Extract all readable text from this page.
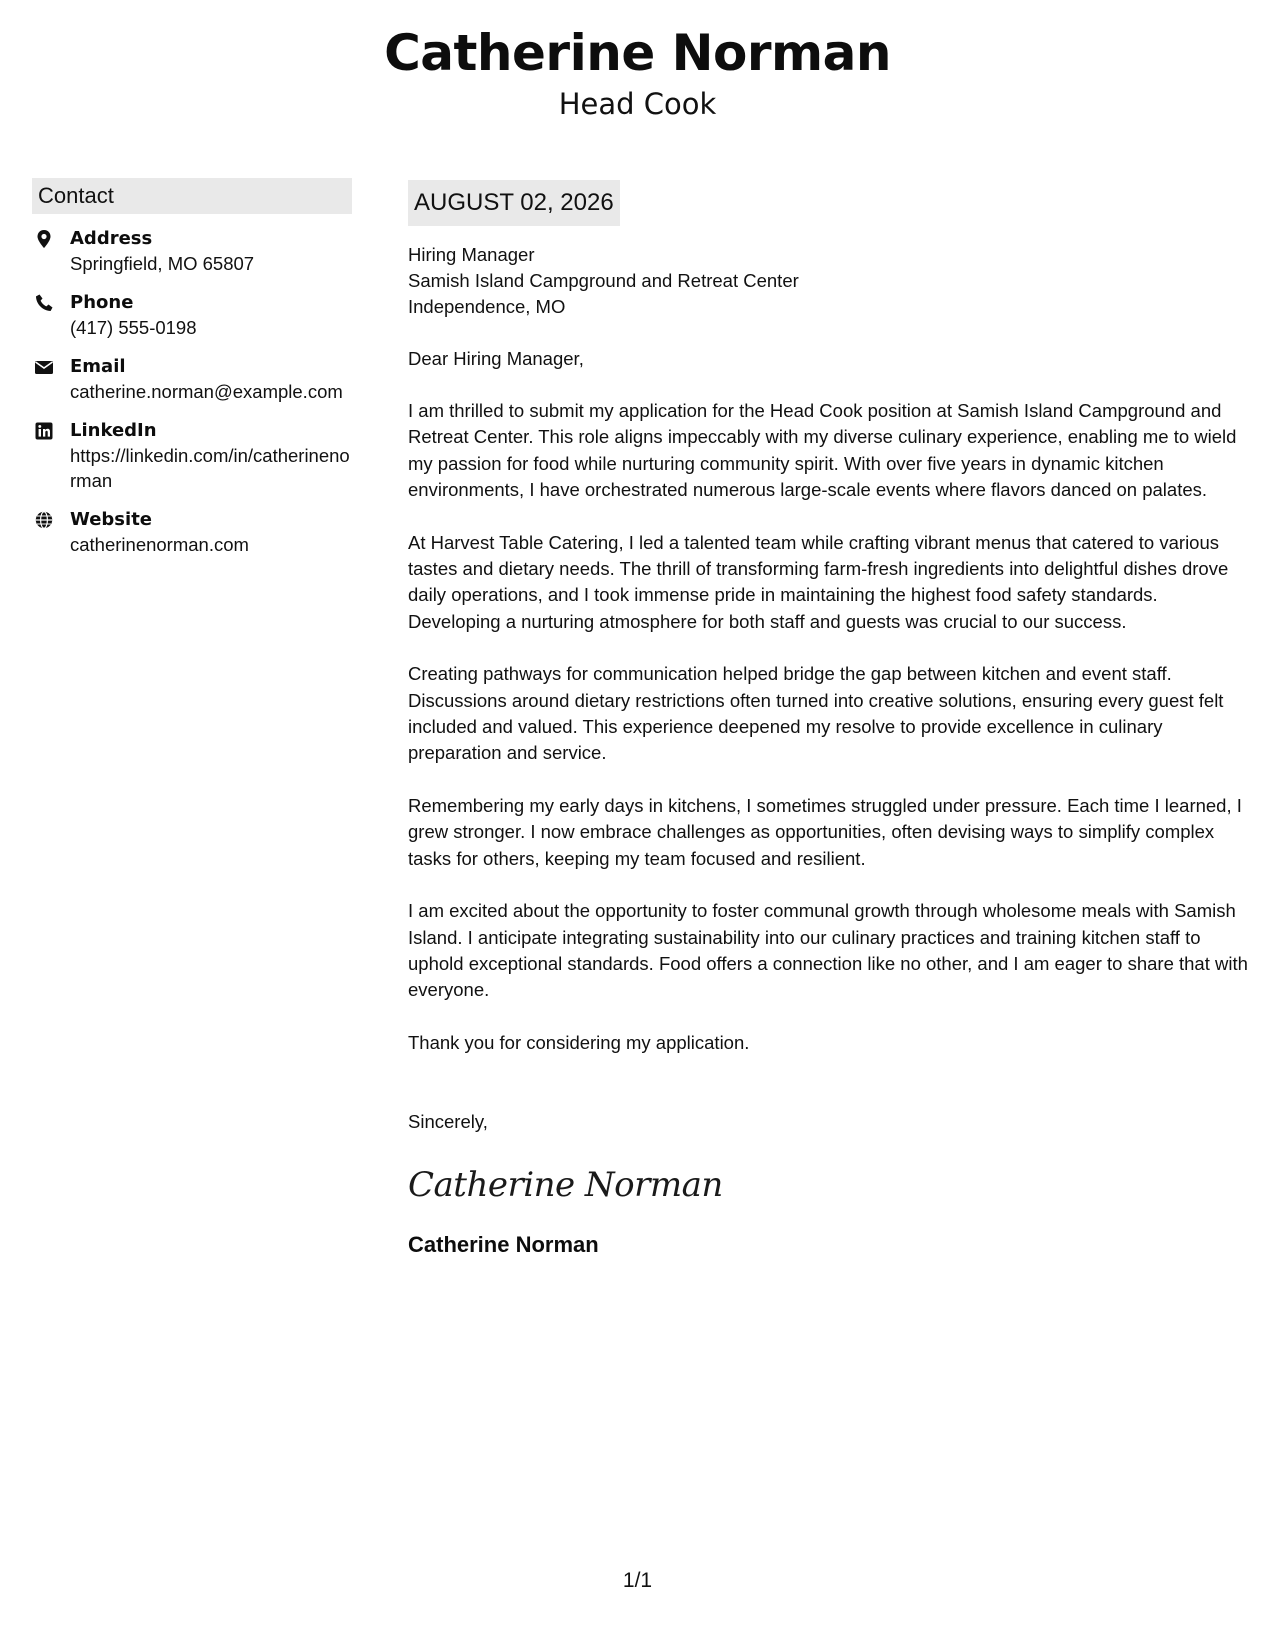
Catherine Norman
Head Cook
Contact
Address
Springfield, MO 65807
Phone
(417) 555-0198
Email
catherine.norman@example.com
LinkedIn
https://linkedin.com/in/catherinenorman
Website
catherinenorman.com
AUGUST 02, 2026
Hiring Manager
Samish Island Campground and Retreat Center
Independence, MO
Dear Hiring Manager,
I am thrilled to submit my application for the Head Cook position at Samish Island Campground and Retreat Center. This role aligns impeccably with my diverse culinary experience, enabling me to wield my passion for food while nurturing community spirit. With over five years in dynamic kitchen environments, I have orchestrated numerous large-scale events where flavors danced on palates.
At Harvest Table Catering, I led a talented team while crafting vibrant menus that catered to various tastes and dietary needs. The thrill of transforming farm-fresh ingredients into delightful dishes drove daily operations, and I took immense pride in maintaining the highest food safety standards. Developing a nurturing atmosphere for both staff and guests was crucial to our success.
Creating pathways for communication helped bridge the gap between kitchen and event staff. Discussions around dietary restrictions often turned into creative solutions, ensuring every guest felt included and valued. This experience deepened my resolve to provide excellence in culinary preparation and service.
Remembering my early days in kitchens, I sometimes struggled under pressure. Each time I learned, I grew stronger. I now embrace challenges as opportunities, often devising ways to simplify complex tasks for others, keeping my team focused and resilient.
I am excited about the opportunity to foster communal growth through wholesome meals with Samish Island. I anticipate integrating sustainability into our culinary practices and training kitchen staff to uphold exceptional standards. Food offers a connection like no other, and I am eager to share that with everyone.
Thank you for considering my application.
Sincerely,
Catherine Norman
Catherine Norman
1/1
